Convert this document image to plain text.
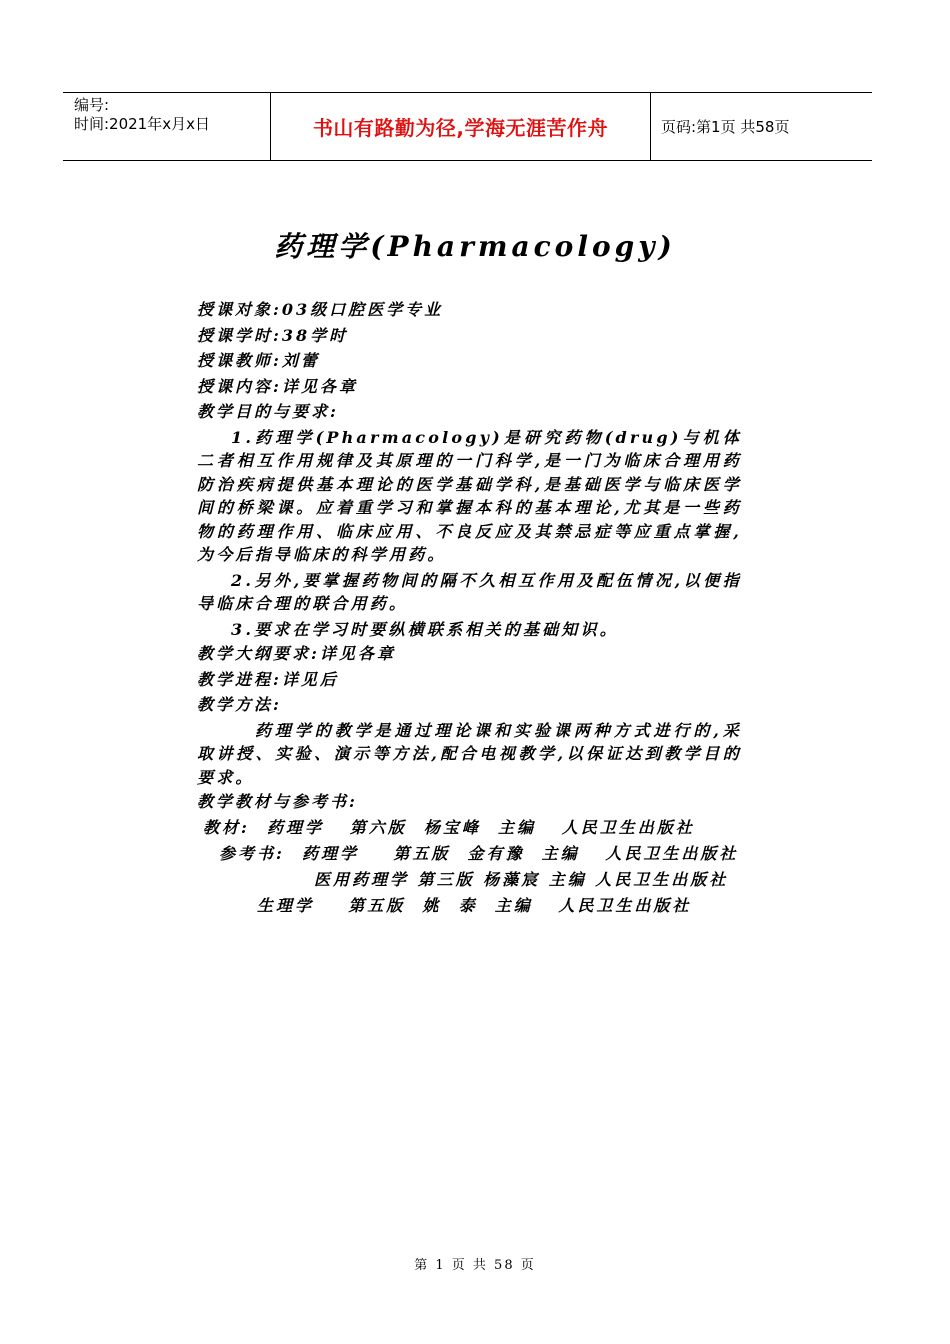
编号:
时间:2021年x月x日	书山有路勤为径,学海无涯苦作舟	页码:第1页 共58页
药理学(Pharmacology)
授课对象:03级口腔医学专业
授课学时:38学时
授课教师:刘蕾
授课内容:详见各章
教学目的与要求:
1.药理学(Pharmacology)是研究药物(drug)与机体二者相互作用规律及其原理的一门科学,是一门为临床合理用药防治疾病提供基本理论的医学基础学科,是基础医学与临床医学间的桥梁课。应着重学习和掌握本科的基本理论,尤其是一些药物的药理作用、临床应用、不良反应及其禁忌症等应重点掌握,为今后指导临床的科学用药。
2.另外,要掌握药物间的隔不久相互作用及配伍情况,以便指导临床合理的联合用药。
3.要求在学习时要纵横联系相关的基础知识。
教学大纲要求:详见各章
教学进程:详见后
教学方法:
药理学的教学是通过理论课和实验课两种方式进行的,采取讲授、实验、演示等方法,配合电视教学,以保证达到教学目的要求。
教学教材与参考书:
教材:  药理学   第六版  杨宝峰  主编   人民卫生出版社
参考书:  药理学    第五版  金有豫  主编   人民卫生出版社
医用药理学 第三版 杨藻宸 主编 人民卫生出版社
生理学    第五版  姚  泰  主编   人民卫生出版社
第 1 页 共 58 页
